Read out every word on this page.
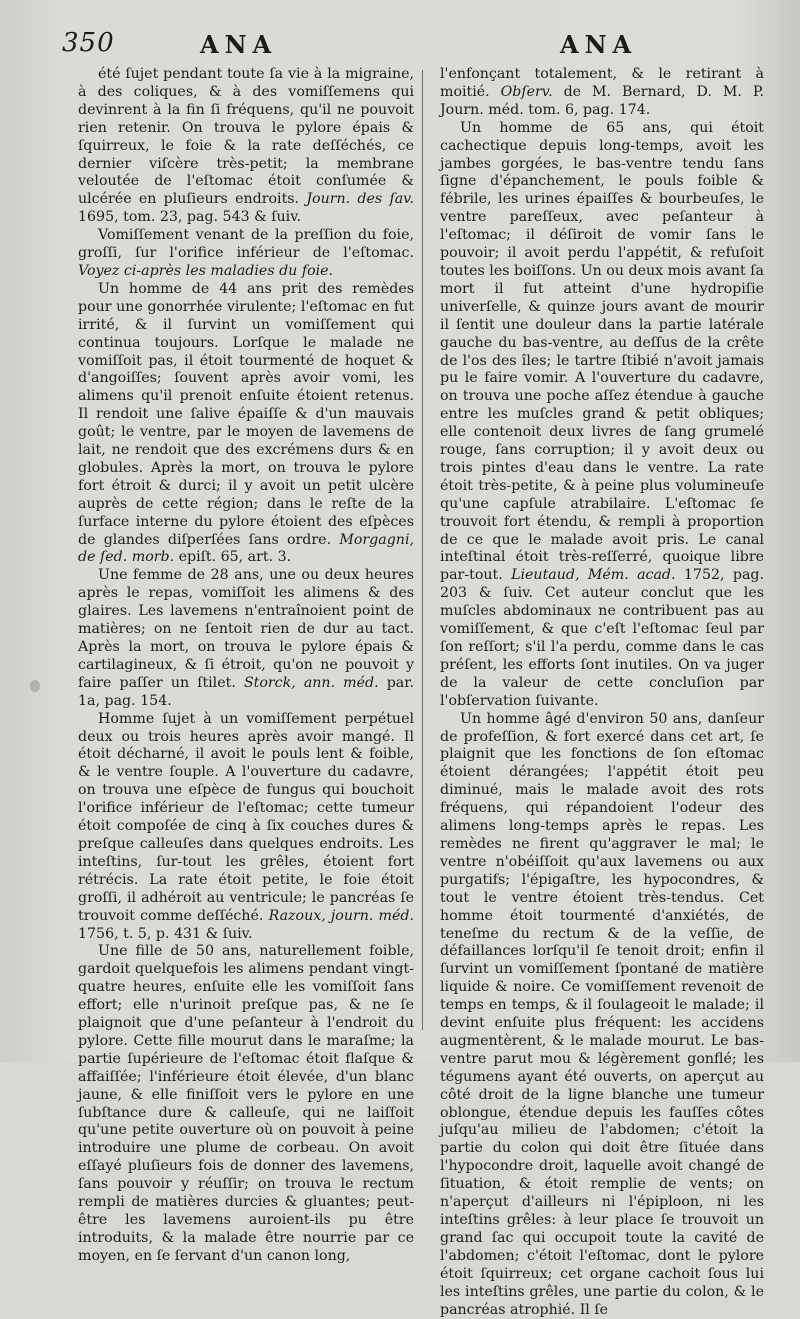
350	ANA	ANA

été ſujet pendant toute ſa vie à la migraine, à des coliques, & à des vomiſſemens qui devinrent à la fin ſi fréquens, qu'il ne pouvoit rien retenir. On trouva le pylore épais & ſquirreux, le foie & la rate deſſéchés, ce dernier viſcère très-petit; la membrane veloutée de l'eſtomac étoit conſumée & ulcérée en pluſieurs endroits. Journ. des ſav. 1695, tom. 23, pag. 543 & ſuiv.

Vomiſſement venant de la preſſion du foie, groſſi, ſur l'orifice inférieur de l'eſtomac. Voyez ci-après les maladies du foie.

Un homme de 44 ans prit des remèdes pour une gonorrhée virulente; l'eſtomac en fut irrité, & il ſurvint un vomiſſement qui continua toujours. Lorſque le malade ne vomiſſoit pas, il étoit tourmenté de hoquet & d'angoiſſes; ſouvent après avoir vomi, les alimens qu'il prenoit enſuite étoient retenus. Il rendoit une ſalive épaiſſe & d'un mauvais goût; le ventre, par le moyen de lavemens de lait, ne rendoit que des excrémens durs & en globules. Après la mort, on trouva le pylore fort étroit & durci; il y avoit un petit ulcère auprès de cette région; dans le reſte de la ſurface interne du pylore étoient des eſpèces de glandes diſperſées ſans ordre. Morgagni, de ſed. morb. epiſt. 65, art. 3.

Une femme de 28 ans, une ou deux heures après le repas, vomiſſoit les alimens & des glaires. Les lavemens n'entraînoient point de matières; on ne ſentoit rien de dur au tact. Après la mort, on trouva le pylore épais & cartilagineux, & ſi étroit, qu'on ne pouvoit y faire paſſer un ſtilet. Storck, ann. méd. par. 1a, pag. 154.

Homme ſujet à un vomiſſement perpétuel deux ou trois heures après avoir mangé. Il étoit décharné, il avoit le pouls lent & foible, & le ventre ſouple. A l'ouverture du cadavre, on trouva une eſpèce de fungus qui bouchoit l'orifice inférieur de l'eſtomac; cette tumeur étoit compoſée de cinq à ſix couches dures & preſque calleuſes dans quelques endroits. Les inteſtins, ſur-tout les grêles, étoient fort rétrécis. La rate étoit petite, le foie étoit groſſi, il adhéroit au ventricule; le pancréas ſe trouvoit comme deſſéché. Razoux, journ. méd. 1756, t. 5, p. 431 & ſuiv.

Une fille de 50 ans, naturellement foible, gardoit quelquefois les alimens pendant vingt-quatre heures, enſuite elle les vomiſſoit ſans effort; elle n'urinoit preſque pas, & ne ſe plaignoit que d'une peſanteur à l'endroit du pylore. Cette fille mourut dans le maraſme; la partie ſupérieure de l'eſtomac étoit flaſque & affaiſſée; l'inférieure étoit élevée, d'un blanc jaune, & elle finiſſoit vers le pylore en une ſubſtance dure & calleuſe, qui ne laiſſoit qu'une petite ouverture où on pouvoit à peine introduire une plume de corbeau. On avoit eſſayé pluſieurs fois de donner des lavemens, ſans pouvoir y réuſſir; on trouva le rectum rempli de matières durcies & gluantes; peut-être les lavemens auroient-ils pu être introduits, & la malade être nourrie par ce moyen, en ſe ſervant d'un canon long,

l'enfonçant totalement, & le retirant à moitié. Obſerv. de M. Bernard, D. M. P. Journ. méd. tom. 6, pag. 174.

Un homme de 65 ans, qui étoit cachectique depuis long-temps, avoit les jambes gorgées, le bas-ventre tendu ſans ſigne d'épanchement, le pouls foible & fébrile, les urines épaiſſes & bourbeuſes, le ventre pareſſeux, avec peſanteur à l'eſtomac; il déſiroit de vomir ſans le pouvoir; il avoit perdu l'appétit, & refuſoit toutes les boiſſons. Un ou deux mois avant ſa mort il fut atteint d'une hydropiſie univerſelle, & quinze jours avant de mourir il ſentit une douleur dans la partie latérale gauche du bas-ventre, au deſſus de la crête de l'os des îles; le tartre ſtibié n'avoit jamais pu le faire vomir. A l'ouverture du cadavre, on trouva une poche aſſez étendue à gauche entre les muſcles grand & petit obliques; elle contenoit deux livres de ſang grumelé rouge, ſans corruption; il y avoit deux ou trois pintes d'eau dans le ventre. La rate étoit très-petite, & à peine plus volumineuſe qu'une capſule atrabilaire. L'eſtomac ſe trouvoit fort étendu, & rempli à proportion de ce que le malade avoit pris. Le canal inteſtinal étoit très-reſſerré, quoique libre par-tout. Lieutaud, Mém. acad. 1752, pag. 203 & ſuiv. Cet auteur conclut que les muſcles abdominaux ne contribuent pas au vomiſſement, & que c'eſt l'eſtomac ſeul par ſon reſſort; s'il l'a perdu, comme dans le cas préſent, les efforts ſont inutiles. On va juger de la valeur de cette concluſion par l'obſervation ſuivante.

Un homme âgé d'environ 50 ans, danſeur de profeſſion, & fort exercé dans cet art, ſe plaignit que les fonctions de ſon eſtomac étoient dérangées; l'appétit étoit peu diminué, mais le malade avoit des rots fréquens, qui répandoient l'odeur des alimens long-temps après le repas. Les remèdes ne firent qu'aggraver le mal; le ventre n'obéiſſoit qu'aux lavemens ou aux purgatifs; l'épigaſtre, les hypocondres, & tout le ventre étoient très-tendus. Cet homme étoit tourmenté d'anxiétés, de teneſme du rectum & de la veſſie, de défaillances lorſqu'il ſe tenoit droit; enfin il ſurvint un vomiſſement ſpontané de matière liquide & noire. Ce vomiſſement revenoit de temps en temps, & il ſoulageoit le malade; il devint enſuite plus fréquent: les accidens augmentèrent, & le malade mourut. Le bas-ventre parut mou & légèrement gonflé; les tégumens ayant été ouverts, on aperçut au côté droit de la ligne blanche une tumeur oblongue, étendue depuis les fauſſes côtes juſqu'au milieu de l'abdomen; c'étoit la partie du colon qui doit être ſituée dans l'hypocondre droit, laquelle avoit changé de ſituation, & étoit remplie de vents; on n'aperçut d'ailleurs ni l'épiploon, ni les inteſtins grêles: à leur place ſe trouvoit un grand ſac qui occupoit toute la cavité de l'abdomen; c'étoit l'eſtomac, dont le pylore étoit ſquirreux; cet organe cachoit ſous lui les inteſtins grêles, une partie du colon, & le pancréas atrophié. Il ſe
